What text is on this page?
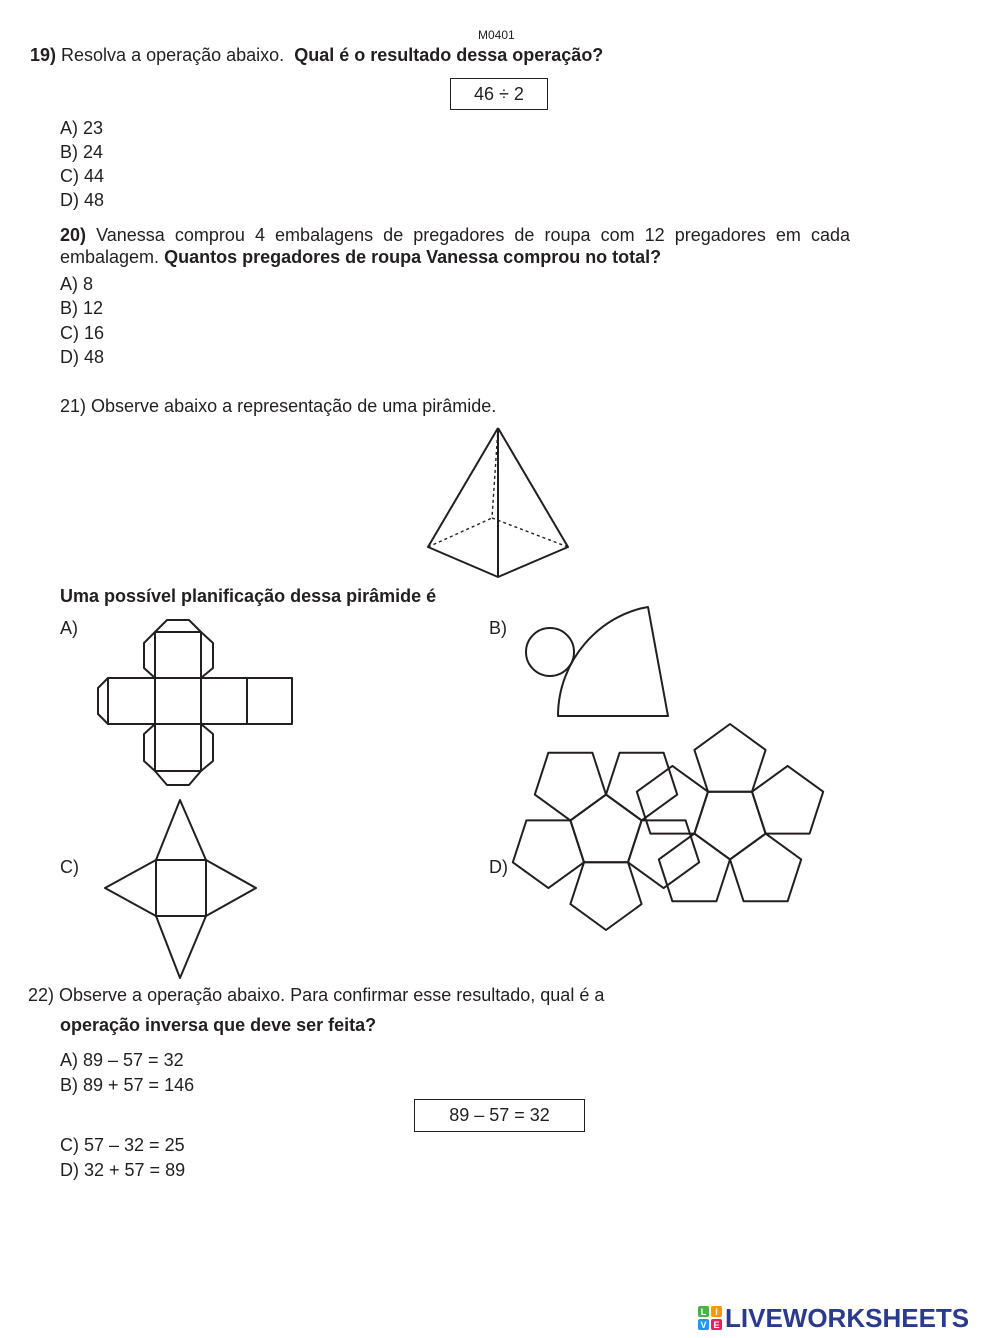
M0401
19) Resolva a operação abaixo. Qual é o resultado dessa operação?
46 ÷ 2
A) 23
B) 24
C) 44
D) 48
20) Vanessa comprou 4 embalagens de pregadores de roupa com 12 pregadores em cada
embalagem. Quantos pregadores de roupa Vanessa comprou no total?
A) 8
B) 12
C) 16
D) 48
21) Observe abaixo a representação de uma pirâmide.
Uma possível planificação dessa pirâmide é
A)	B)
C)	D)
22) Observe a operação abaixo. Para confirmar esse resultado, qual é a
operação inversa que deve ser feita?
A) 89 – 57 = 32
B) 89 + 57 = 146
89 – 57 = 32
C) 57 – 32 = 25
D) 32 + 57 = 89
L I
V E LIVEWORKSHEETS
